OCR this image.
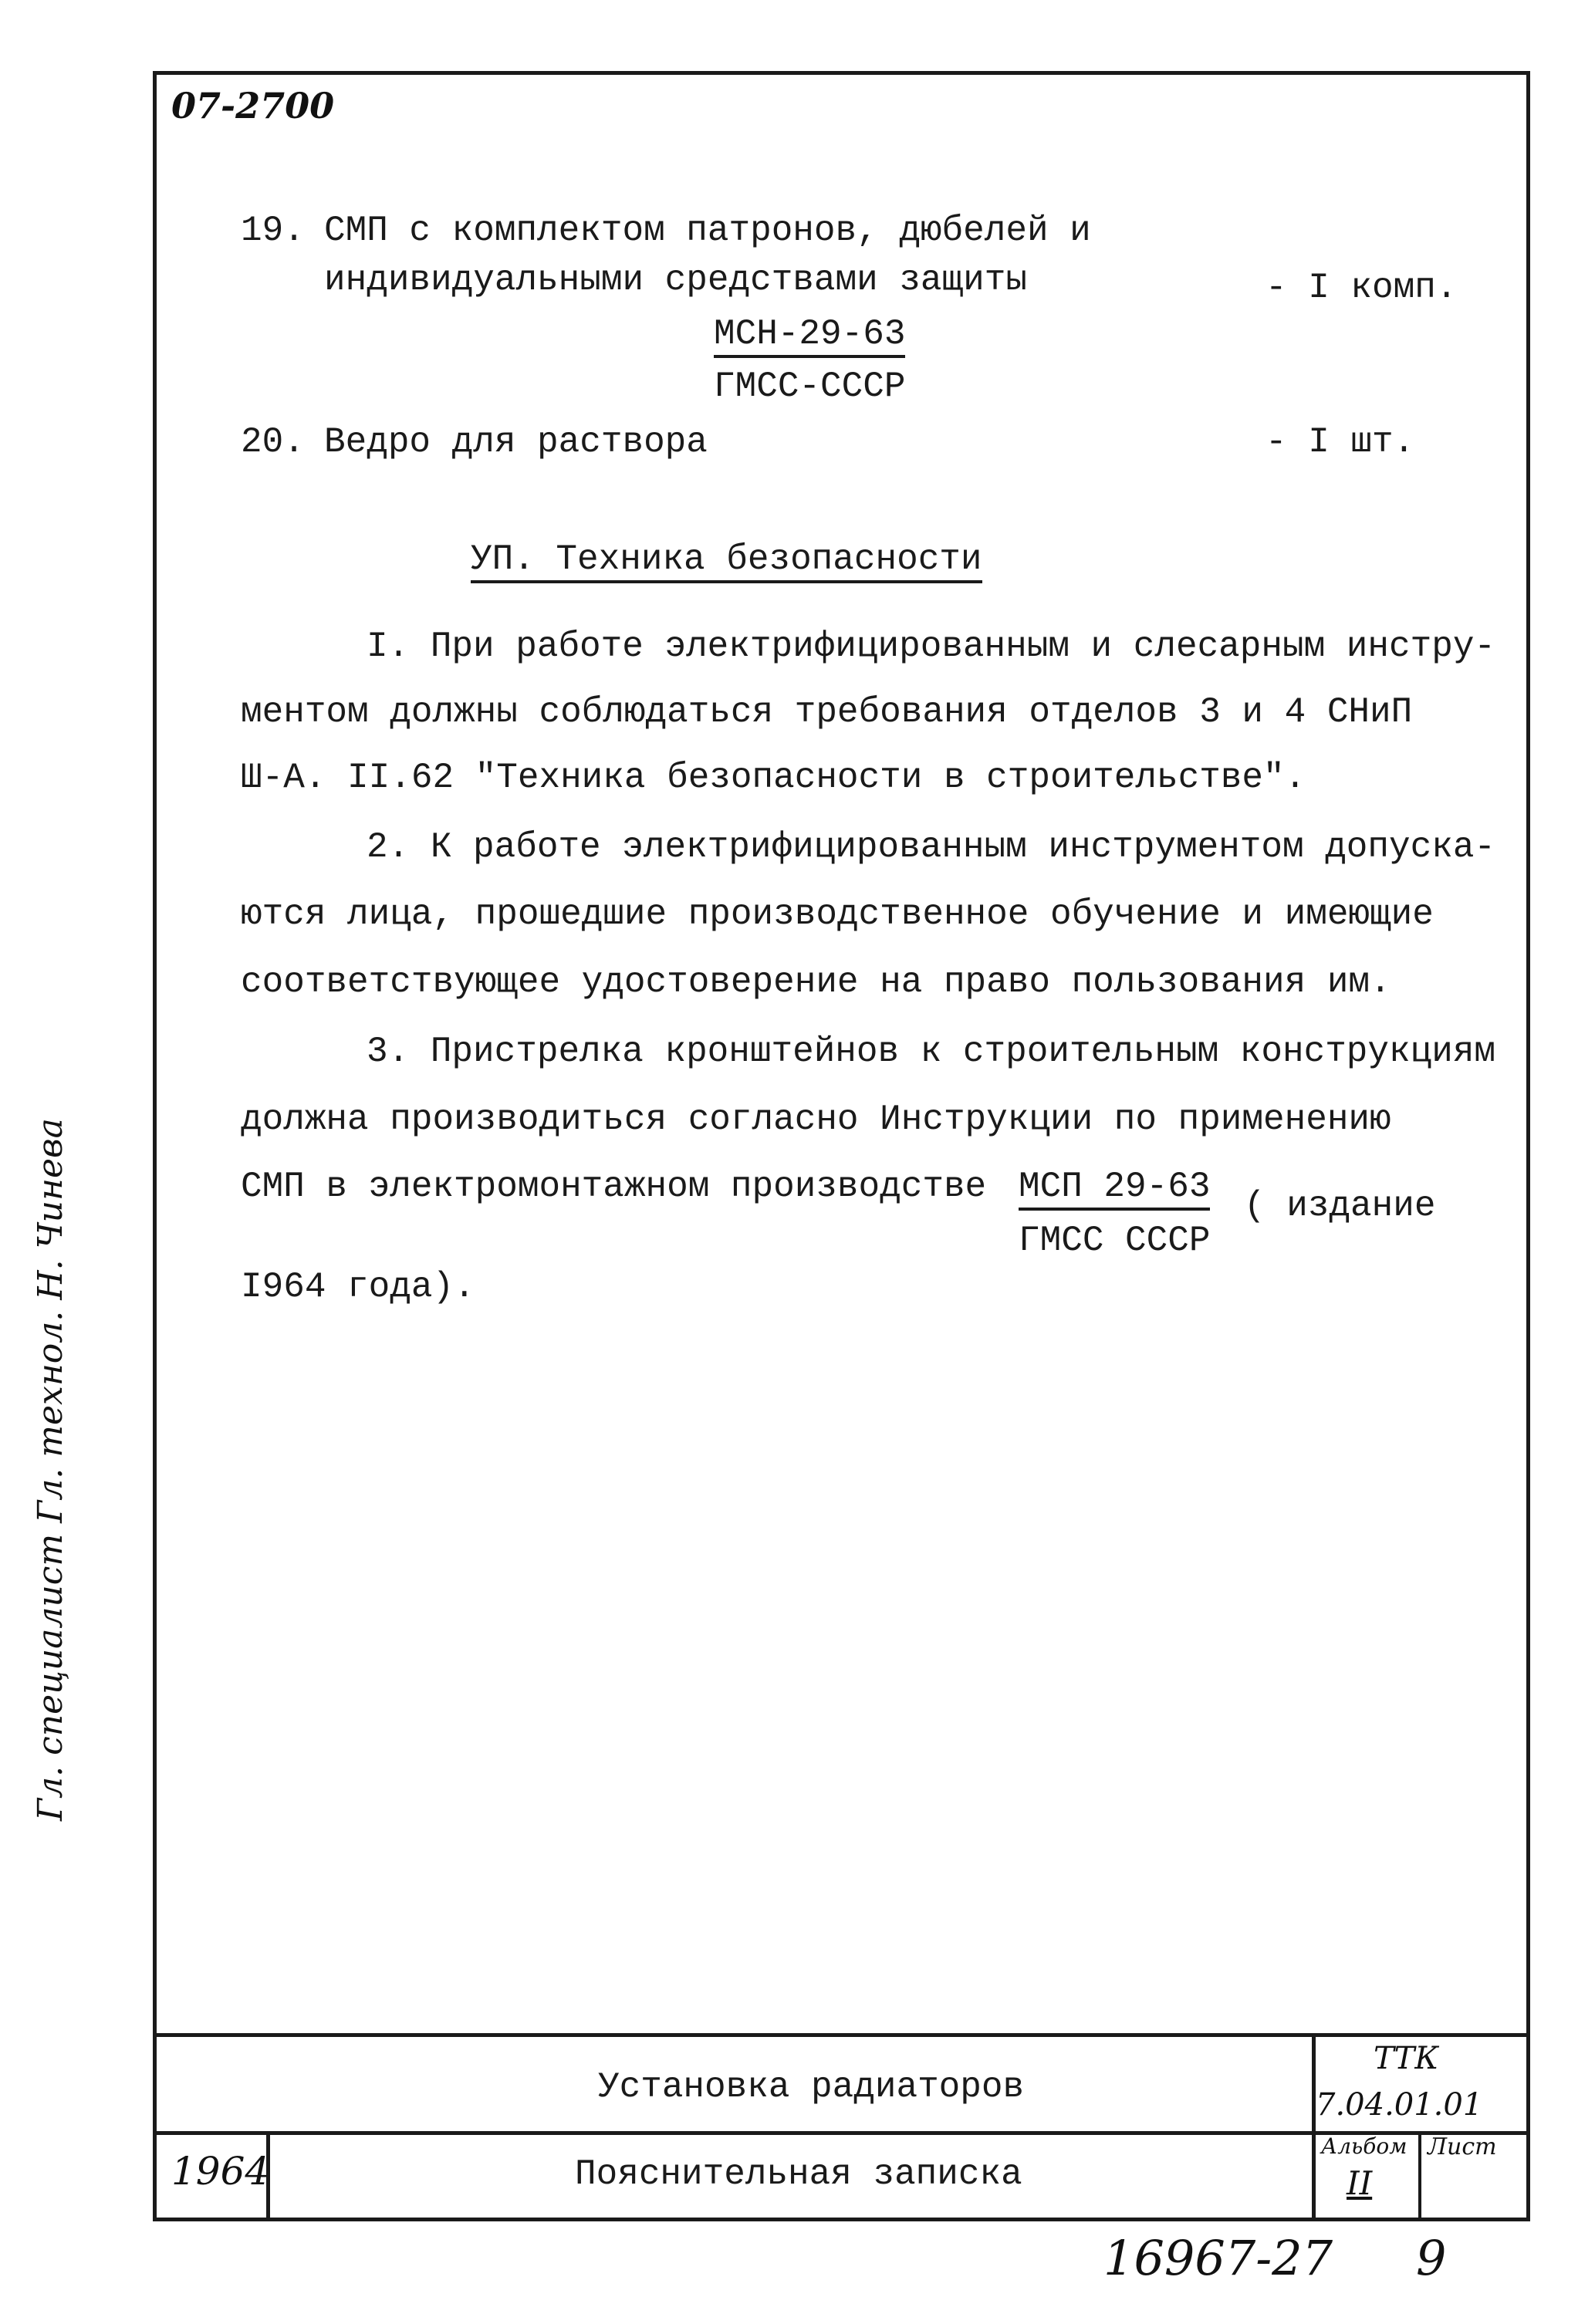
07-2700
Гл. специалист Гл. технол. Н. Чинева
19. СМП с комплектом патронов, дюбелей и
индивидуальными средствами защиты	- I комп.
МСН-29-63
ГМСС-СССР
20. Ведро для раствора	- I шт.
УП. Техника безопасности
I. При работе электрифицированным и слесарным инстру-
ментом должны соблюдаться требования отделов 3 и 4 СНиП
Ш-А. II.62 "Техника безопасности в строительстве".
2. К работе электрифицированным инструментом допуска-
ются лица, прошедшие производственное обучение и имеющие
соответствующее удостоверение на право пользования им.
3. Пристрелка кронштейнов к строительным конструкциям
должна производиться согласно Инструкции по применению
СМП в электромонтажном производстве МСП 29-63
ГМСС СССР
( издание
I964 года).
Установка радиаторов
Пояснительная записка
1964
ТТК
7.04.01.01
Альбом
II
Лист
16967-27 9
